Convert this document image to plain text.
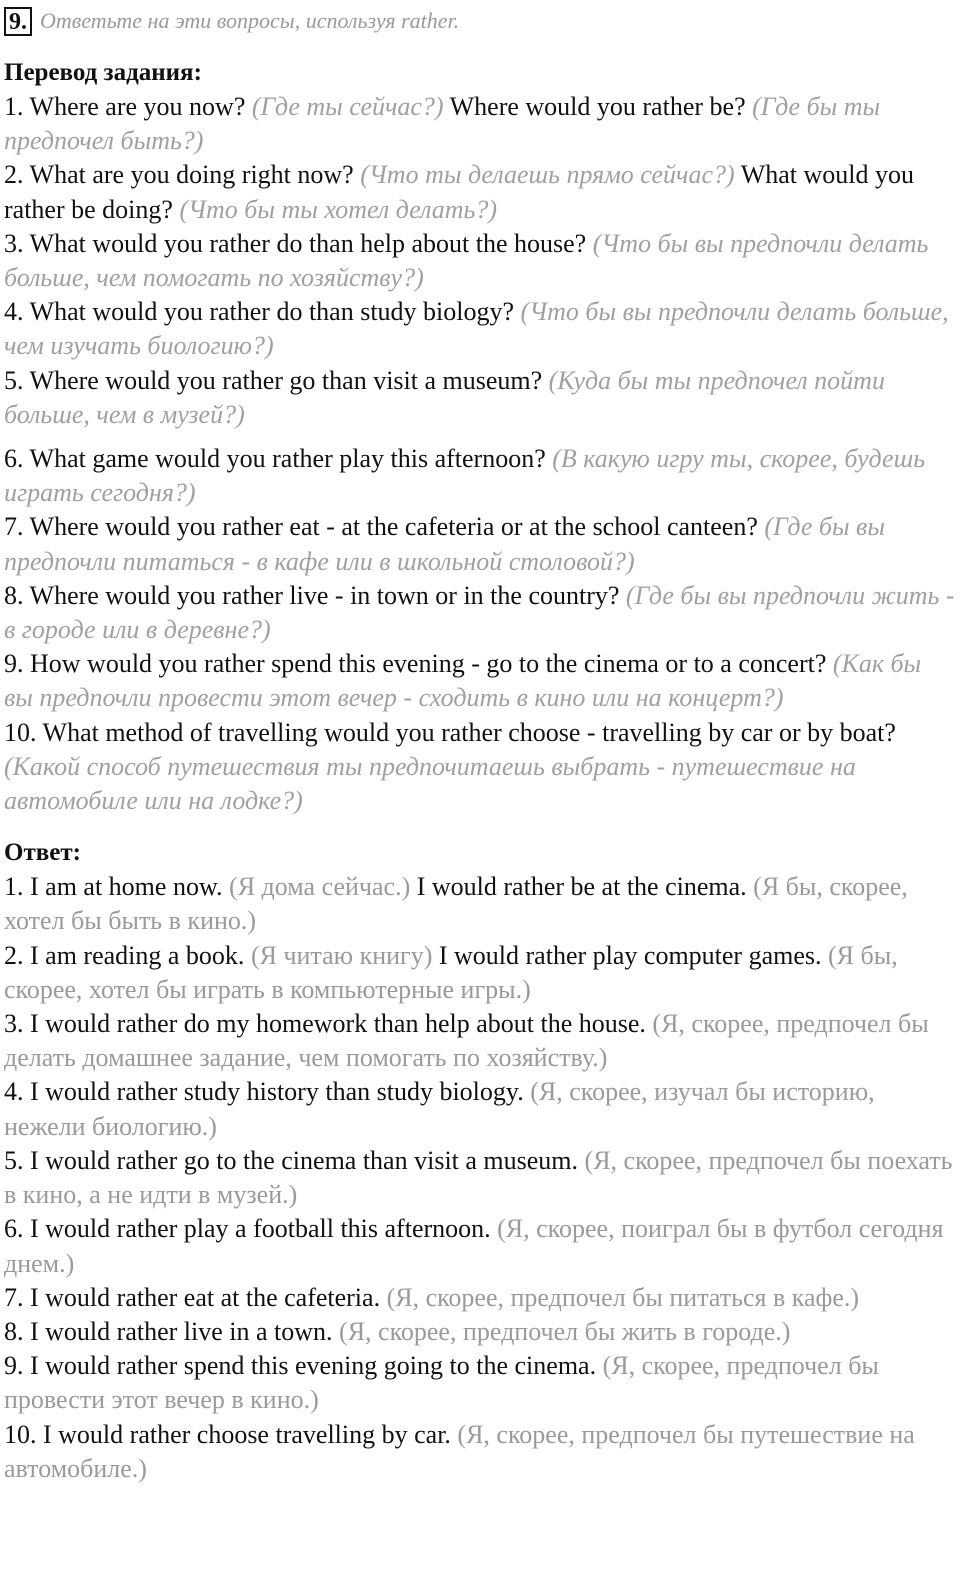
9. Ответьте на эти вопросы, используя rather.
Перевод задания:

1. Where are you now? (Где ты сейчас?) Where would you rather be? (Где бы ты предпочел быть?)

2. What are you doing right now? (Что ты делаешь прямо сейчас?) What would you rather be doing? (Что бы ты хотел делать?)

3. What would you rather do than help about the house? (Что бы вы предпочли делать больше, чем помогать по хозяйству?)

4. What would you rather do than study biology? (Что бы вы предпочли делать больше, чем изучать биологию?)

5. Where would you rather go than visit a museum? (Куда бы ты предпочел пойти больше, чем в музей?)

6. What game would you rather play this afternoon? (В какую игру ты, скорее, будешь играть сегодня?)

7. Where would you rather eat - at the cafeteria or at the school canteen? (Где бы вы предпочли питаться - в кафе или в школьной столовой?)

8. Where would you rather live - in town or in the country? (Где бы вы предпочли жить - в городе или в деревне?)

9. How would you rather spend this evening - go to the cinema or to a concert? (Как бы вы предпочли провести этот вечер - сходить в кино или на концерт?)

10. What method of travelling would you rather choose - travelling by car or by boat? (Какой способ путешествия ты предпочитаешь выбрать - путешествие на автомобиле или на лодке?)

Ответ:

1. I am at home now. (Я дома сейчас.) I would rather be at the cinema. (Я бы, скорее, хотел бы быть в кино.)

2. I am reading a book. (Я читаю книгу) I would rather play computer games. (Я бы, скорее, хотел бы играть в компьютерные игры.)

3. I would rather do my homework than help about the house. (Я, скорее, предпочел бы делать домашнее задание, чем помогать по хозяйству.)

4. I would rather study history than study biology. (Я, скорее, изучал бы историю, нежели биологию.)

5. I would rather go to the cinema than visit a museum. (Я, скорее, предпочел бы поехать в кино, а не идти в музей.)

6. I would rather play a football this afternoon. (Я, скорее, поиграл бы в футбол сегодня днем.)

7. I would rather eat at the cafeteria. (Я, скорее, предпочел бы питаться в кафе.)

8. I would rather live in a town. (Я, скорее, предпочел бы жить в городе.)

9. I would rather spend this evening going to the cinema. (Я, скорее, предпочел бы провести этот вечер в кино.)

10. I would rather choose travelling by car. (Я, скорее, предпочел бы путешествие на автомобиле.)
